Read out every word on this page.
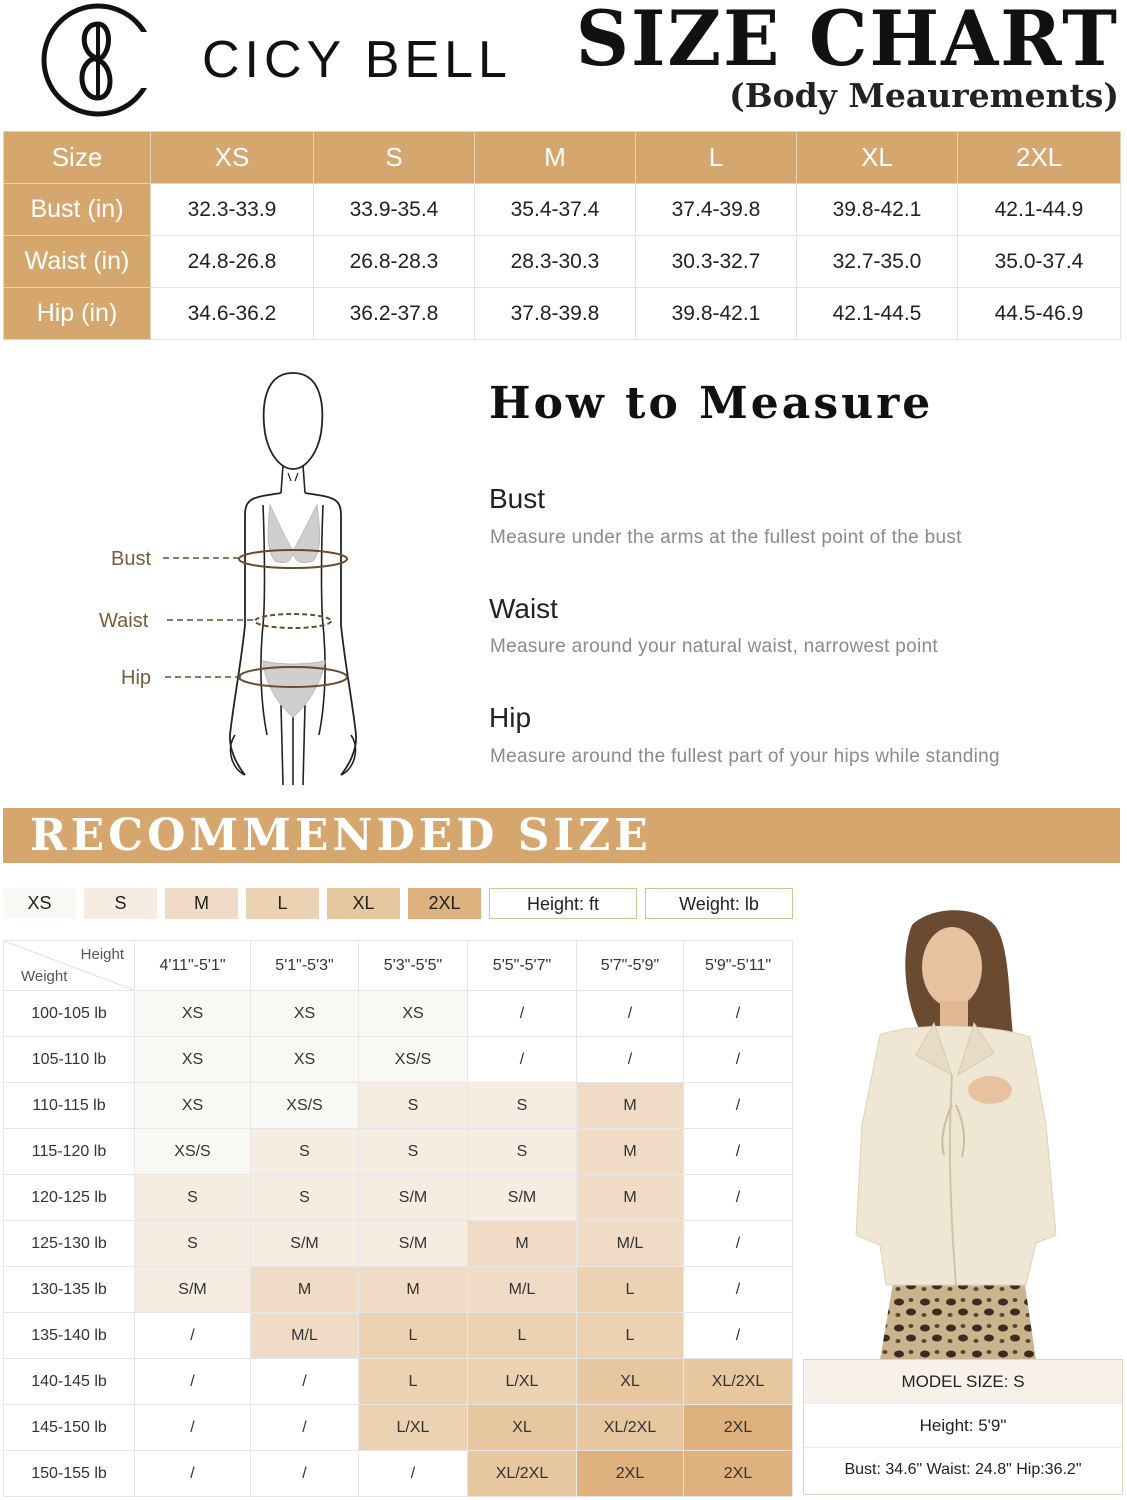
CICY BELL SIZE CHART
(Body Meaurements)
Size	XS	S	M	L	XL	2XL
Bust (in)	32.3-33.9	33.9-35.4	35.4-37.4	37.4-39.8	39.8-42.1	42.1-44.9
Waist (in)	24.8-26.8	26.8-28.3	28.3-30.3	30.3-32.7	32.7-35.0	35.0-37.4
Hip (in)	34.6-36.2	36.2-37.8	37.8-39.8	39.8-42.1	42.1-44.5	44.5-46.9
Bust
Waist
Hip
How to Measure
Bust
Measure under the arms at the fullest point of the bust
Waist
Measure around your natural waist, narrowest point
Hip
Measure around the fullest part of your hips while standing
RECOMMENDED SIZE
XS	S	M	L	XL	2XL	Height: ft	Weight: lb
Height
Weight	4'11"-5'1"	5'1"-5'3"	5'3"-5'5"	5'5"-5'7"	5'7"-5'9"	5'9"-5'11"
100-105 lb	XS	XS	XS	/	/	/
105-110 lb	XS	XS	XS/S	/	/	/
110-115 lb	XS	XS/S	S	S	M	/
115-120 lb	XS/S	S	S	S	M	/
120-125 lb	S	S	S/M	S/M	M	/
125-130 lb	S	S/M	S/M	M	M/L	/
130-135 lb	S/M	M	M	M/L	L	/
135-140 lb	/	M/L	L	L	L	/
140-145 lb	/	/	L	L/XL	XL	XL/2XL
145-150 lb	/	/	L/XL	XL	XL/2XL	2XL
150-155 lb	/	/	/	XL/2XL	2XL	2XL
MODEL SIZE: S
Height: 5'9"
Bust: 34.6" Waist: 24.8" Hip:36.2"
